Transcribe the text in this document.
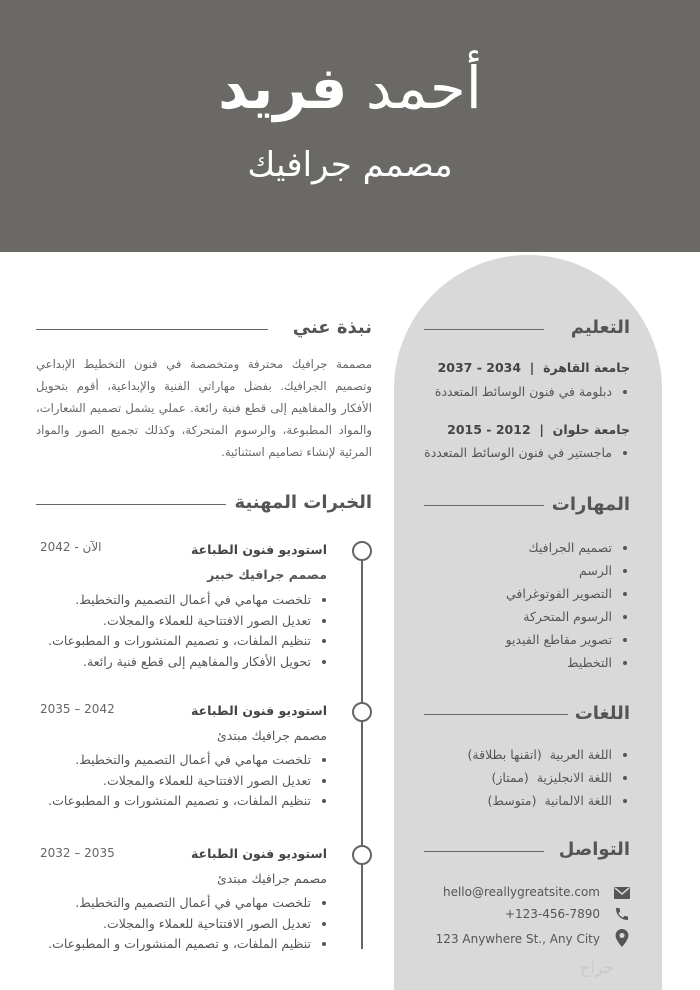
أحمد فريد
مصمم جرافيك
التعليم
جامعة القاهرة  |  2034 - 2037
• دبلومة في فنون الوسائط المتعددة
جامعة حلوان  |  2012 - 2015
• ماجستير في فنون الوسائط المتعددة
المهارات
• تصميم الجرافيك
• الرسم
• التصوير الفوتوغرافي
• الرسوم المتحركة
• تصوير مقاطع الفيديو
• التخطيط
اللغات
• اللغة العربية  (اتقنها بطلاقة)
• اللغة الانجليزية  (ممتاز)
• اللغة الالمانية  (متوسط)
التواصل
hello@reallygreatsite.com
+123-456-7890
123 Anywhere St., Any City
نبذة عني
مصممة جرافيك محترفة ومتخصصة في فنون التخطيط الإبداعي وتصميم الجرافيك. بفضل مهاراتي الفنية والإبداعية، أقوم بتحويل الأفكار والمفاهيم إلى قطع فنية رائعة. عملي يشمل تصميم الشعارات، والمواد المطبوعة، والرسوم المتحركة، وكذلك تجميع الصور والمواد المرئية لإنشاء تصاميم استثنائية.
الخبرات المهنية
استوديو فنون الطباعة
2042 - الآن
مصمم جرافيك خبير
• تلخصت مهامي في أعمال التصميم والتخطيط.
• تعديل الصور الافتتاحية للعملاء والمجلات.
• تنظيم الملفات، و تصميم المنشورات و المطبوعات.
• تحويل الأفكار والمفاهيم إلى قطع فنية رائعة.
استوديو فنون الطباعة
2035 – 2042
مصمم جرافيك مبتدئ
• تلخصت مهامي في أعمال التصميم والتخطيط.
• تعديل الصور الافتتاحية للعملاء والمجلات.
• تنظيم الملفات، و تصميم المنشورات و المطبوعات.
استوديو فنون الطباعة
2032 – 2035
مصمم جرافيك مبتدئ
• تلخصت مهامي في أعمال التصميم والتخطيط.
• تعديل الصور الافتتاحية للعملاء والمجلات.
• تنظيم الملفات، و تصميم المنشورات و المطبوعات.
حراج
